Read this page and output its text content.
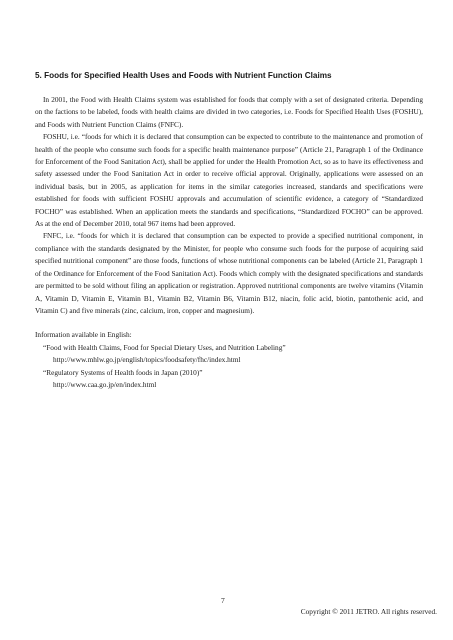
5. Foods for Specified Health Uses and Foods with Nutrient Function Claims

In 2001, the Food with Health Claims system was established for foods that comply with a set of designated criteria. Depending on the factions to be labeled, foods with health claims are divided in two categories, i.e. Foods for Specified Health Uses (FOSHU), and Foods with Nutrient Function Claims (FNFC).

FOSHU, i.e. “foods for which it is declared that consumption can be expected to contribute to the maintenance and promotion of health of the people who consume such foods for a specific health maintenance purpose” (Article 21, Paragraph 1 of the Ordinance for Enforcement of the Food Sanitation Act), shall be applied for under the Health Promotion Act, so as to have its effectiveness and safety assessed under the Food Sanitation Act in order to receive official approval. Originally, applications were assessed on an individual basis, but in 2005, as application for items in the similar categories increased, standards and specifications were established for foods with sufficient FOSHU approvals and accumulation of scientific evidence, a category of “Standardized FOCHO” was established. When an application meets the standards and specifications, “Standardized FOCHO” can be approved. As at the end of December 2010, total 967 items had been approved.

FNFC, i.e. “foods for which it is declared that consumption can be expected to provide a specified nutritional component, in compliance with the standards designated by the Minister, for people who consume such foods for the purpose of acquiring said specified nutritional component” are those foods, functions of whose nutritional components can be labeled (Article 21, Paragraph 1 of the Ordinance for Enforcement of the Food Sanitation Act). Foods which comply with the designated specifications and standards are permitted to be sold without filing an application or registration. Approved nutritional components are twelve vitamins (Vitamin A, Vitamin D, Vitamin E, Vitamin B1, Vitamin B2, Vitamin B6, Vitamin B12, niacin, folic acid, biotin, pantothenic acid, and Vitamin C) and five minerals (zinc, calcium, iron, copper and magnesium).

Information available in English:

“Food with Health Claims, Food for Special Dietary Uses, and Nutrition Labeling”

http://www.mhlw.go.jp/english/topics/foodsafety/fhc/index.html

“Regulatory Systems of Health foods in Japan (2010)”

http://www.caa.go.jp/en/index.html

7
Copyright © 2011 JETRO. All rights reserved.
